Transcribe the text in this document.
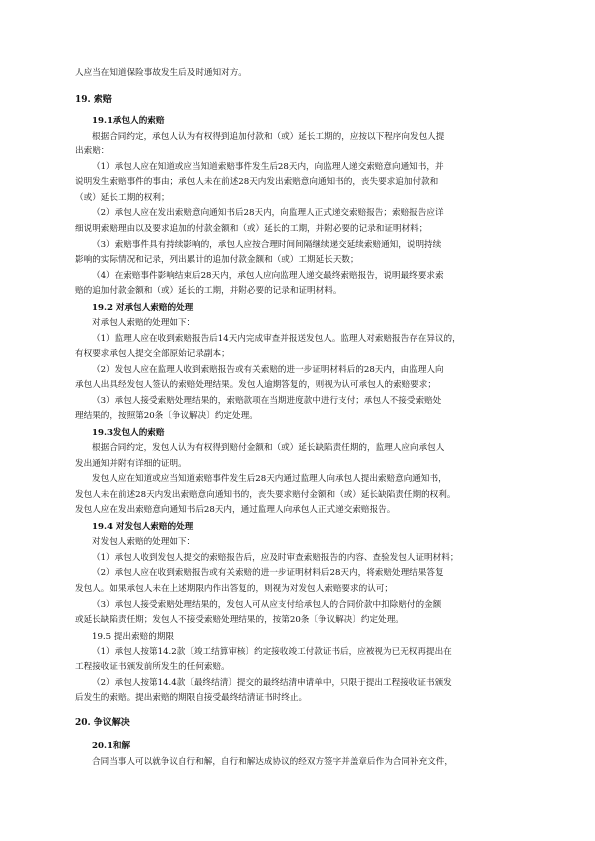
人应当在知道保险事故发生后及时通知对方。
19. 索赔
19.1承包人的索赔
根据合同约定，承包人认为有权得到追加付款和（或）延长工期的，应按以下程序向发包人提
出索赔：
（1）承包人应在知道或应当知道索赔事件发生后28天内，向监理人递交索赔意向通知书，并
说明发生索赔事件的事由；承包人未在前述28天内发出索赔意向通知书的，丧失要求追加付款和
（或）延长工期的权利；
（2）承包人应在发出索赔意向通知书后28天内，向监理人正式递交索赔报告；索赔报告应详
细说明索赔理由以及要求追加的付款金额和（或）延长的工期，并附必要的记录和证明材料；
（3）索赔事件具有持续影响的，承包人应按合理时间间隔继续递交延续索赔通知，说明持续
影响的实际情况和记录，列出累计的追加付款金额和（或）工期延长天数；
（4）在索赔事件影响结束后28天内，承包人应向监理人递交最终索赔报告，说明最终要求索
赔的追加付款金额和（或）延长的工期，并附必要的记录和证明材料。
19.2 对承包人索赔的处理
对承包人索赔的处理如下：
（1）监理人应在收到索赔报告后14天内完成审查并报送发包人。监理人对索赔报告存在异议的，
有权要求承包人提交全部原始记录副本；
（2）发包人应在监理人收到索赔报告或有关索赔的进一步证明材料后的28天内，由监理人向
承包人出具经发包人签认的索赔处理结果。发包人逾期答复的，则视为认可承包人的索赔要求；
（3）承包人接受索赔处理结果的，索赔款项在当期进度款中进行支付；承包人不接受索赔处
理结果的，按照第20条〔争议解决〕约定处理。
19.3发包人的索赔
根据合同约定，发包人认为有权得到赔付金额和（或）延长缺陷责任期的，监理人应向承包人
发出通知并附有详细的证明。
发包人应在知道或应当知道索赔事件发生后28天内通过监理人向承包人提出索赔意向通知书，
发包人未在前述28天内发出索赔意向通知书的，丧失要求赔付金额和（或）延长缺陷责任期的权利。
发包人应在发出索赔意向通知书后28天内，通过监理人向承包人正式递交索赔报告。
19.4 对发包人索赔的处理
对发包人索赔的处理如下：
（1）承包人收到发包人提交的索赔报告后，应及时审查索赔报告的内容、查验发包人证明材料；
（2）承包人应在收到索赔报告或有关索赔的进一步证明材料后28天内，将索赔处理结果答复
发包人。如果承包人未在上述期限内作出答复的，则视为对发包人索赔要求的认可；
（3）承包人接受索赔处理结果的，发包人可从应支付给承包人的合同价款中扣除赔付的金额
或延长缺陷责任期；发包人不接受索赔处理结果的，按第20条〔争议解决〕约定处理。
19.5 提出索赔的期限
（1）承包人按第14.2款〔竣工结算审核〕约定接收竣工付款证书后，应被视为已无权再提出在
工程接收证书颁发前所发生的任何索赔。
（2）承包人按第14.4款〔最终结清〕提交的最终结清申请单中，只限于提出工程接收证书颁发
后发生的索赔。提出索赔的期限自接受最终结清证书时终止。
20. 争议解决
20.1和解
合同当事人可以就争议自行和解，自行和解达成协议的经双方签字并盖章后作为合同补充文件，
